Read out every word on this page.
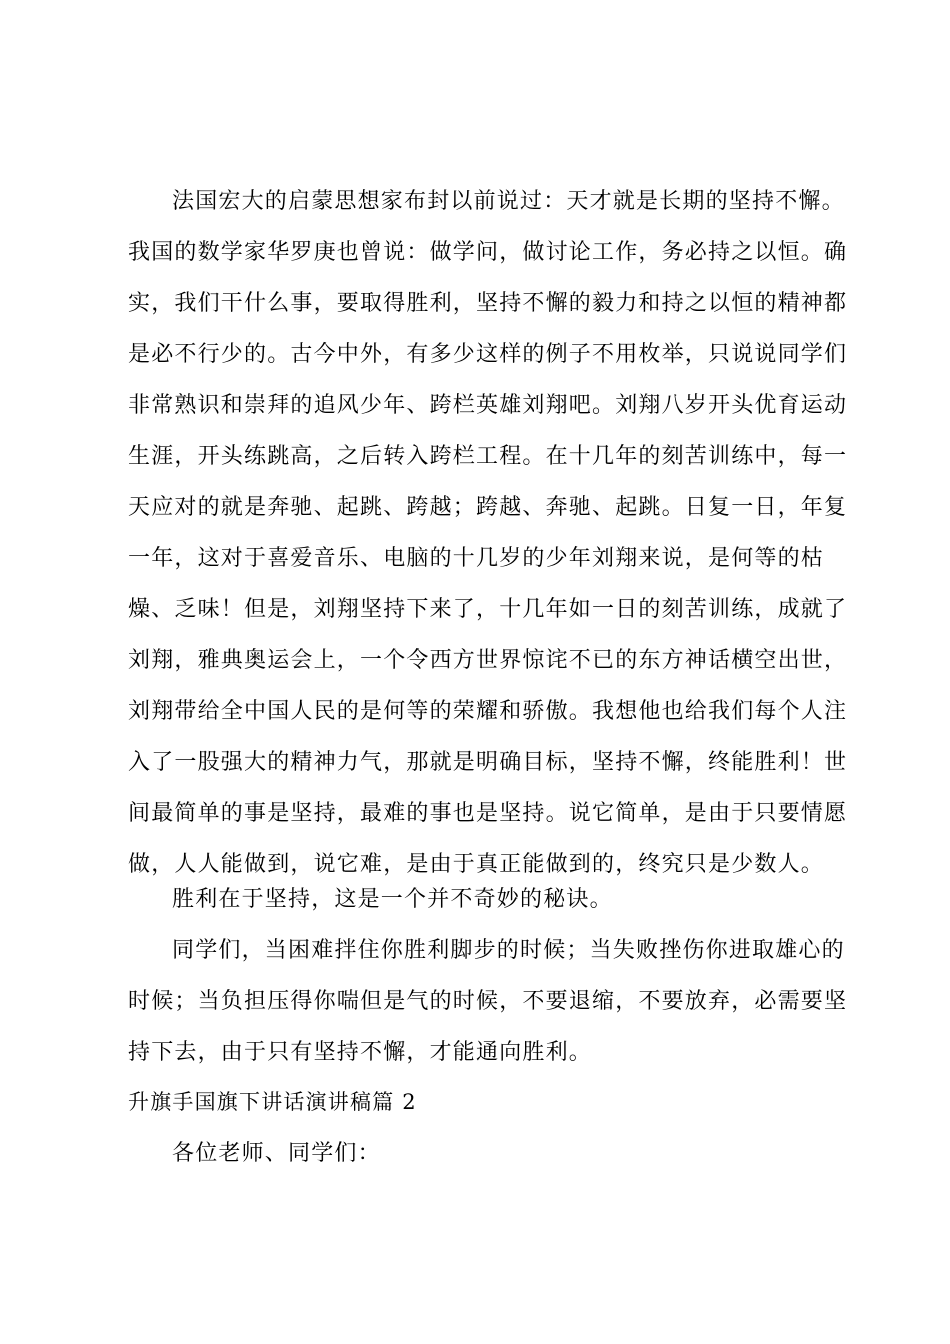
法国宏大的启蒙思想家布封以前说过：天才就是长期的坚持不懈。
我国的数学家华罗庚也曾说：做学问，做讨论工作，务必持之以恒。确
实，我们干什么事，要取得胜利，坚持不懈的毅力和持之以恒的精神都
是必不行少的。古今中外，有多少这样的例子不用枚举，只说说同学们
非常熟识和崇拜的追风少年、跨栏英雄刘翔吧。刘翔八岁开头优育运动
生涯，开头练跳高，之后转入跨栏工程。在十几年的刻苦训练中，每一
天应对的就是奔驰、起跳、跨越；跨越、奔驰、起跳。日复一日，年复
一年，这对于喜爱音乐、电脑的十几岁的少年刘翔来说，是何等的枯
燥、乏味！但是，刘翔坚持下来了，十几年如一日的刻苦训练，成就了
刘翔，雅典奥运会上，一个令西方世界惊诧不已的东方神话横空出世，
刘翔带给全中国人民的是何等的荣耀和骄傲。我想他也给我们每个人注
入了一股强大的精神力气，那就是明确目标，坚持不懈，终能胜利！世
间最简单的事是坚持，最难的事也是坚持。说它简单，是由于只要情愿
做，人人能做到，说它难，是由于真正能做到的，终究只是少数人。
胜利在于坚持，这是一个并不奇妙的秘诀。
同学们，当困难拌住你胜利脚步的时候；当失败挫伤你进取雄心的
时候；当负担压得你喘但是气的时候，不要退缩，不要放弃，必需要坚
持下去，由于只有坚持不懈，才能通向胜利。
升旗手国旗下讲话演讲稿篇 2
各位老师、同学们：
